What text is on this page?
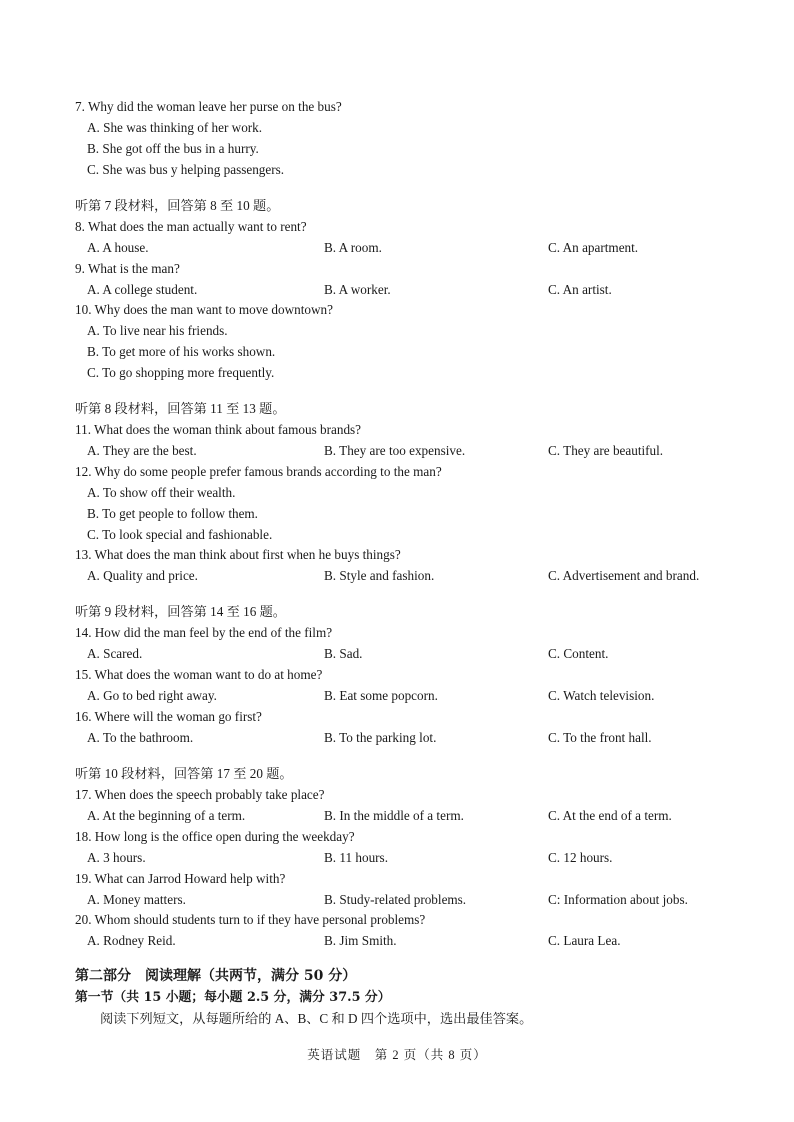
7. Why did the woman leave her purse on the bus?
A. She was thinking of her work.
B. She got off the bus in a hurry.
C. She was bus y helping passengers.
听第 7 段材料，回答第 8 至 10 题。
8. What does the man actually want to rent?
A. A house.	B. A room.	C. An apartment.
9. What is the man?
A. A college student.	B. A worker.	C. An artist.
10. Why does the man want to move downtown?
A. To live near his friends.
B. To get more of his works shown.
C. To go shopping more frequently.
听第 8 段材料，回答第 11 至 13 题。
11. What does the woman think about famous brands?
A. They are the best.	B. They are too expensive.	C. They are beautiful.
12. Why do some people prefer famous brands according to the man?
A. To show off their wealth.
B. To get people to follow them.
C. To look special and fashionable.
13. What does the man think about first when he buys things?
A. Quality and price.	B. Style and fashion.	C. Advertisement and brand.
听第 9 段材料，回答第 14 至 16 题。
14. How did the man feel by the end of the film?
A. Scared.	B. Sad.	C. Content.
15. What does the woman want to do at home?
A. Go to bed right away.	B. Eat some popcorn.	C. Watch television.
16. Where will the woman go first?
A. To the bathroom.	B. To the parking lot.	C. To the front hall.
听第 10 段材料，回答第 17 至 20 题。
17. When does the speech probably take place?
A. At the beginning of a term.	B. In the middle of a term.	C. At the end of a term.
18. How long is the office open during the weekday?
A. 3 hours.	B. 11 hours.	C. 12 hours.
19. What can Jarrod Howard help with?
A. Money matters.	B. Study-related problems.	C: Information about jobs.
20. Whom should students turn to if they have personal problems?
A. Rodney Reid.	B. Jim Smith.	C. Laura Lea.
第二部分　阅读理解（共两节，满分 50 分）
第一节（共 15 小题；每小题 2.5 分，满分 37.5 分）
阅读下列短文，从每题所给的 A、B、C 和 D 四个选项中，选出最佳答案。
英语试题　第 2 页（共 8 页）
